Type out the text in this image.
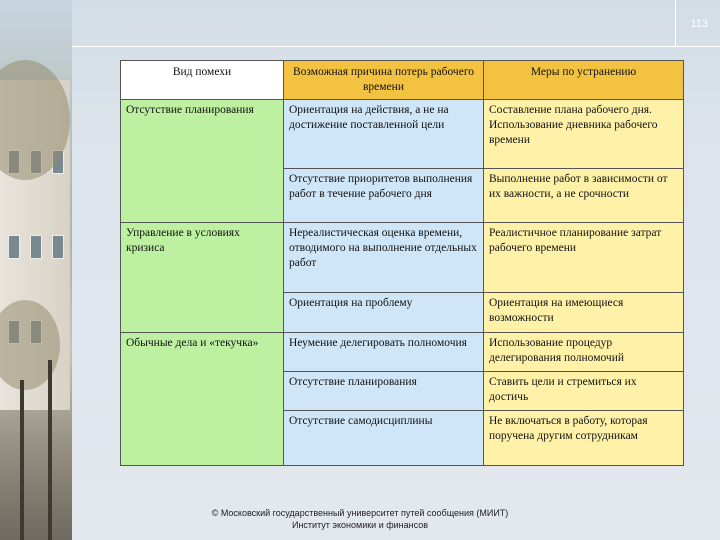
113
Вид помехи	Возможная причина потерь рабочего времени	Меры по устранению
Отсутствие планирования	Ориентация на действия, а не на достижение поставленной цели	Составление плана рабочего дня. Использование дневника рабочего времени
	Отсутствие приоритетов выполнения работ в течение рабочего дня	Выполнение работ в зависимости от их важности, а не срочности
Управление в условиях кризиса	Нереалистическая оценка времени, отводимого на выполнение отдельных работ	Реалистичное планирование затрат рабочего времени
	Ориентация на проблему	Ориентация на имеющиеся возможности
Обычные дела и «текучка»	Неумение делегировать полномочия	Использование процедур делегирования полномочий
	Отсутствие планирования	Ставить цели и стремиться их достичь
	Отсутствие самодисциплины	Не включаться в работу, которая поручена другим сотрудникам
© Московский государственный университет путей сообщения (МИИТ)
Институт экономики и финансов
